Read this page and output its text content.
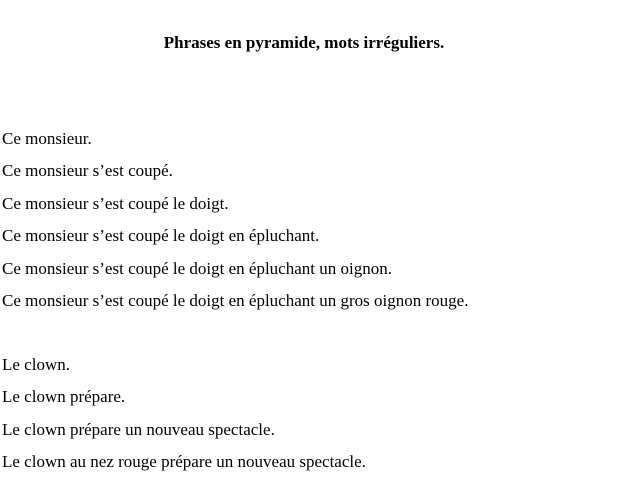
Phrases en pyramide, mots irréguliers.
Ce monsieur.
Ce monsieur s’est coupé.
Ce monsieur s’est coupé le doigt.
Ce monsieur s’est coupé le doigt en épluchant.
Ce monsieur s’est coupé le doigt en épluchant un oignon.
Ce monsieur s’est coupé le doigt en épluchant un gros oignon rouge.
Le clown.
Le clown prépare.
Le clown prépare un nouveau spectacle.
Le clown au nez rouge prépare un nouveau spectacle.
